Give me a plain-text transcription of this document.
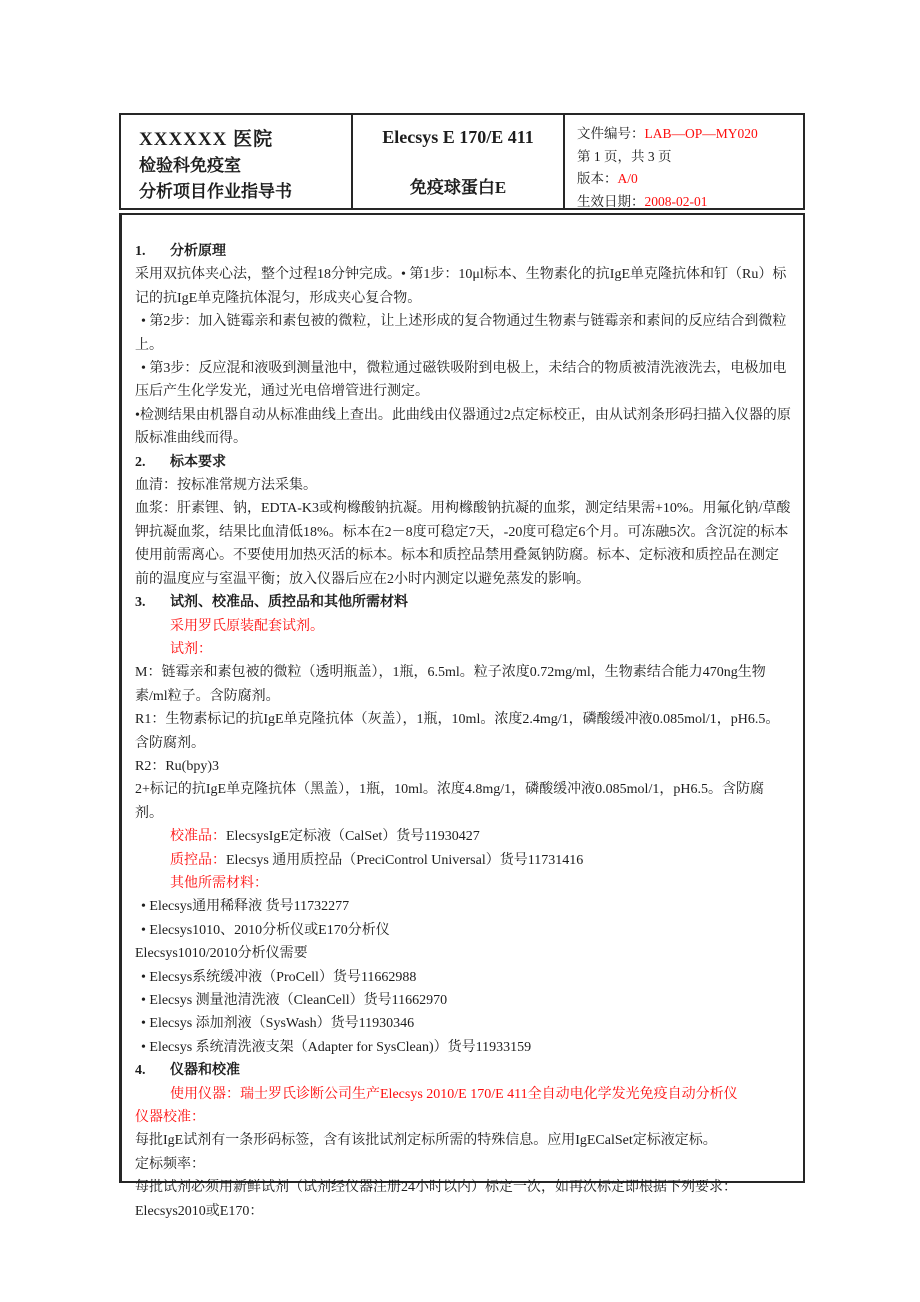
XXXXXX 医院
检验科免疫室
分析项目作业指导书
Elecsys E 170/E 411
免疫球蛋白E
文件编号：LAB—OP—MY020
第 1 页，共 3 页
版本：A/0
生效日期：2008-02-01

1. 分析原理

采用双抗体夹心法，整个过程18分钟完成。• 第1步：10μl标本、生物素化的抗IgE单克隆抗体和钉（Ru）标记的抗IgE单克隆抗体混匀，形成夹心复合物。

• 第2步：加入链霉亲和素包被的微粒，让上述形成的复合物通过生物素与链霉亲和素间的反应结合到微粒上。

• 第3步：反应混和液吸到测量池中，微粒通过磁铁吸附到电极上，未结合的物质被清洗液洗去，电极加电压后产生化学发光，通过光电倍增管进行测定。

•检测结果由机器自动从标准曲线上查出。此曲线由仪器通过2点定标校正，由从试剂条形码扫描入仪器的原版标准曲线而得。

2. 标本要求

血清：按标准常规方法采集。

血浆：肝素锂、钠，EDTA-K3或枸橼酸钠抗凝。用枸橼酸钠抗凝的血浆，测定结果需+10%。用氟化钠/草酸钾抗凝血浆，结果比血清低18%。标本在2－8度可稳定7天，-20度可稳定6个月。可冻融5次。含沉淀的标本使用前需离心。不要使用加热灭活的标本。标本和质控品禁用叠氮钠防腐。标本、定标液和质控品在测定前的温度应与室温平衡；放入仪器后应在2小时内测定以避免蒸发的影响。

3. 试剂、校准品、质控品和其他所需材料

采用罗氏原装配套试剂。

试剂：

M：链霉亲和素包被的微粒（透明瓶盖），1瓶，6.5ml。粒子浓度0.72mg/ml，生物素结合能力470ng生物素/ml粒子。含防腐剂。

R1：生物素标记的抗IgE单克隆抗体（灰盖），1瓶，10ml。浓度2.4mg/1，磷酸缓冲液0.085mol/1，pH6.5。含防腐剂。

R2：Ru(bpy)3

2+标记的抗IgE单克隆抗体（黑盖），1瓶，10ml。浓度4.8mg/1，磷酸缓冲液0.085mol/1，pH6.5。含防腐剂。

校准品：ElecsysIgE定标液（CalSet）货号11930427

质控品：Elecsys 通用质控品（PreciControl Universal）货号11731416

其他所需材料：

• Elecsys通用稀释液 货号11732277

• Elecsys1010、2010分析仪或E170分析仪

Elecsys1010/2010分析仪需要

• Elecsys系统缓冲液（ProCell）货号11662988

• Elecsys 测量池清洗液（CleanCell）货号11662970

• Elecsys 添加剂液（SysWash）货号11930346

• Elecsys 系统清洗液支架（Adapter for SysClean)）货号11933159

4. 仪器和校准

使用仪器：瑞士罗氏诊断公司生产Elecsys 2010/E 170/E 411全自动电化学发光免疫自动分析仪

仪器校准：

每批IgE试剂有一条形码标签，含有该批试剂定标所需的特殊信息。应用IgECalSet定标液定标。

定标频率：

每批试剂必须用新鲜试剂（试剂经仪器注册24小时以内）标定一次，如再次标定即根据下列要求：

Elecsys2010或E170：
